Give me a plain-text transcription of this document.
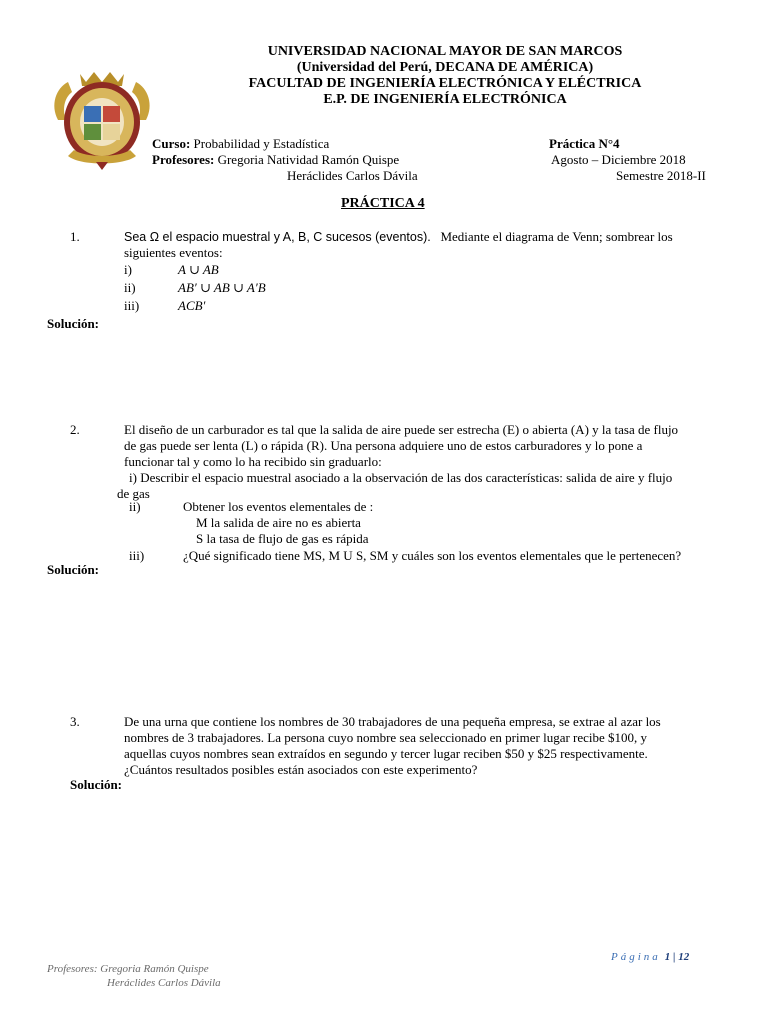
UNIVERSIDAD NACIONAL MAYOR DE SAN MARCOS
(Universidad del Perú, DECANA DE AMÉRICA)
FACULTAD DE INGENIERÍA ELECTRÓNICA Y ELÉCTRICA
E.P. DE INGENIERÍA ELECTRÓNICA
Curso: Probabilidad y Estadística
Profesores: Gregoria Natividad Ramón Quispe
Heráclides Carlos Dávila
Práctica N°4
Agosto – Diciembre 2018
Semestre 2018-II
PRÁCTICA 4
1.	Sea Ω el espacio muestral y A, B, C sucesos (eventos). Mediante el diagrama de Venn; sombrear los
siguientes eventos:
i)	A ∪ AB
ii)	AB′ ∪ AB ∪ A′B
iii)	ACB′
Solución:
2.	El diseño de un carburador es tal que la salida de aire puede ser estrecha (E) o abierta (A) y la tasa de flujo
de gas puede ser lenta (L) o rápida (R). Una persona adquiere uno de estos carburadores y lo pone a
funcionar tal y como lo ha recibido sin graduarlo:
i) Describir el espacio muestral asociado a la observación de las dos características: salida de aire y flujo
de gas
ii)	Obtener los eventos elementales de :
M la salida de aire no es abierta
S la tasa de flujo de gas es rápida
iii)	¿Qué significado tiene MS, M U S, SM y cuáles son los eventos elementales que le pertenecen?
Solución:
3.	De una urna que contiene los nombres de 30 trabajadores de una pequeña empresa, se extrae al azar los
nombres de 3 trabajadores. La persona cuyo nombre sea seleccionado en primer lugar recibe $100, y
aquellas cuyos nombres sean extraídos en segundo y tercer lugar reciben $50 y $25 respectivamente.
¿Cuántos resultados posibles están asociados con este experimento?
Solución:
Página 1 | 12
Profesores: Gregoria Ramón Quispe
Heráclides Carlos Dávila
